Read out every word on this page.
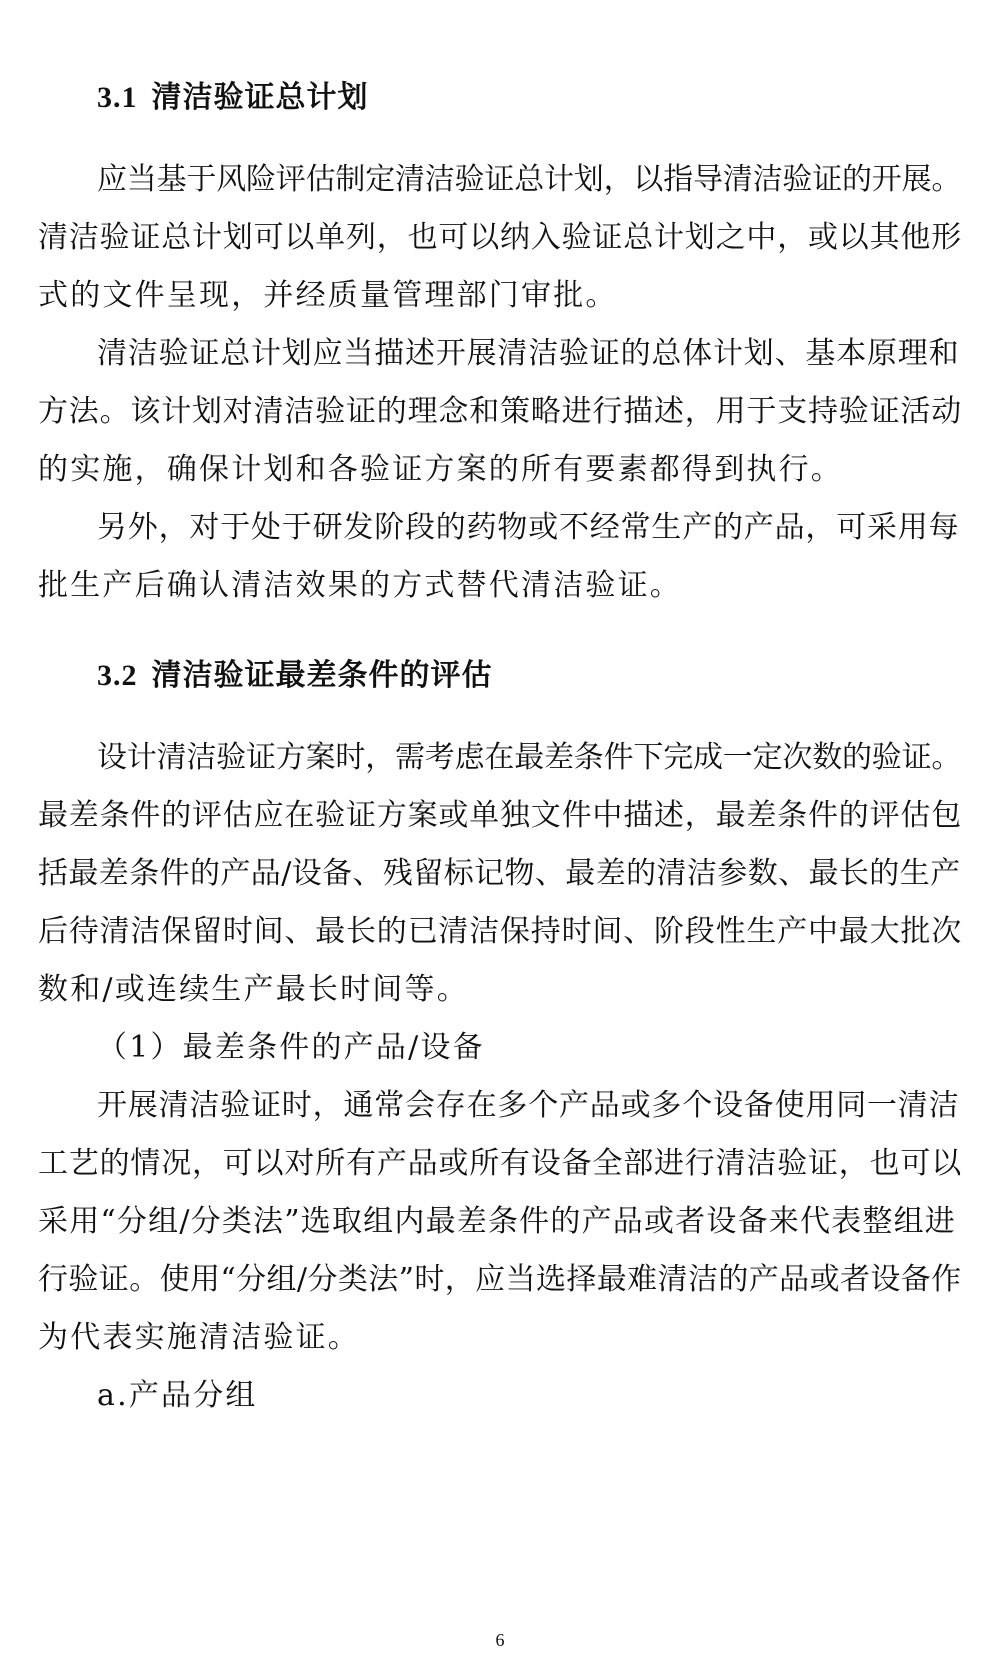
3.1 清洁验证总计划
应当基于风险评估制定清洁验证总计划，以指导清洁验证的开展。
清洁验证总计划可以单列，也可以纳入验证总计划之中，或以其他形
式的文件呈现，并经质量管理部门审批。
清洁验证总计划应当描述开展清洁验证的总体计划、基本原理和
方法。该计划对清洁验证的理念和策略进行描述，用于支持验证活动
的实施，确保计划和各验证方案的所有要素都得到执行。
另外，对于处于研发阶段的药物或不经常生产的产品，可采用每
批生产后确认清洁效果的方式替代清洁验证。
3.2 清洁验证最差条件的评估
设计清洁验证方案时，需考虑在最差条件下完成一定次数的验证。
最差条件的评估应在验证方案或单独文件中描述，最差条件的评估包
括最差条件的产品/设备、残留标记物、最差的清洁参数、最长的生产
后待清洁保留时间、最长的已清洁保持时间、阶段性生产中最大批次
数和/或连续生产最长时间等。
（1）最差条件的产品/设备
开展清洁验证时，通常会存在多个产品或多个设备使用同一清洁
工艺的情况，可以对所有产品或所有设备全部进行清洁验证，也可以
采用“分组/分类法”选取组内最差条件的产品或者设备来代表整组进
行验证。使用“分组/分类法”时，应当选择最难清洁的产品或者设备作
为代表实施清洁验证。
a.产品分组
6
